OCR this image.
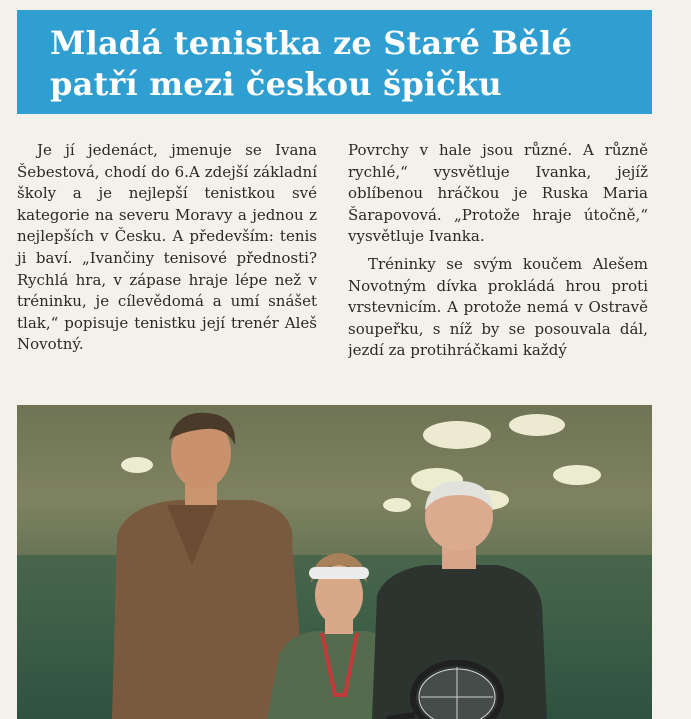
Mladá tenistka ze Staré Bělé
patří mezi českou špičku

Je jí jedenáct, jmenuje se Ivana Šebestová, chodí do 6.A zdejší základní školy a je nejlepší tenistkou své kategorie na severu Moravy a jednou z nejlepších v Česku. A především: tenis ji baví. „Ivančiny tenisové přednosti? Rychlá hra, v zápase hraje lépe než v tréninku, je cílevědomá a umí snášet tlak,“ popisuje tenistku její trenér Aleš Novotný.

Povrchy v hale jsou různé. A různě rychlé,“ vysvětluje Ivanka, jejíž oblíbenou hráčkou je Ruska Maria Šarapovová. „Protože hraje útočně,“ vysvětluje Ivanka.

Tréninky se svým koučem Alešem Novotným dívka prokládá hrou proti vrstevnicím. A protože nemá v Ostravě soupeřku, s níž by se posouvala dál, jezdí za protihráčkami každý
